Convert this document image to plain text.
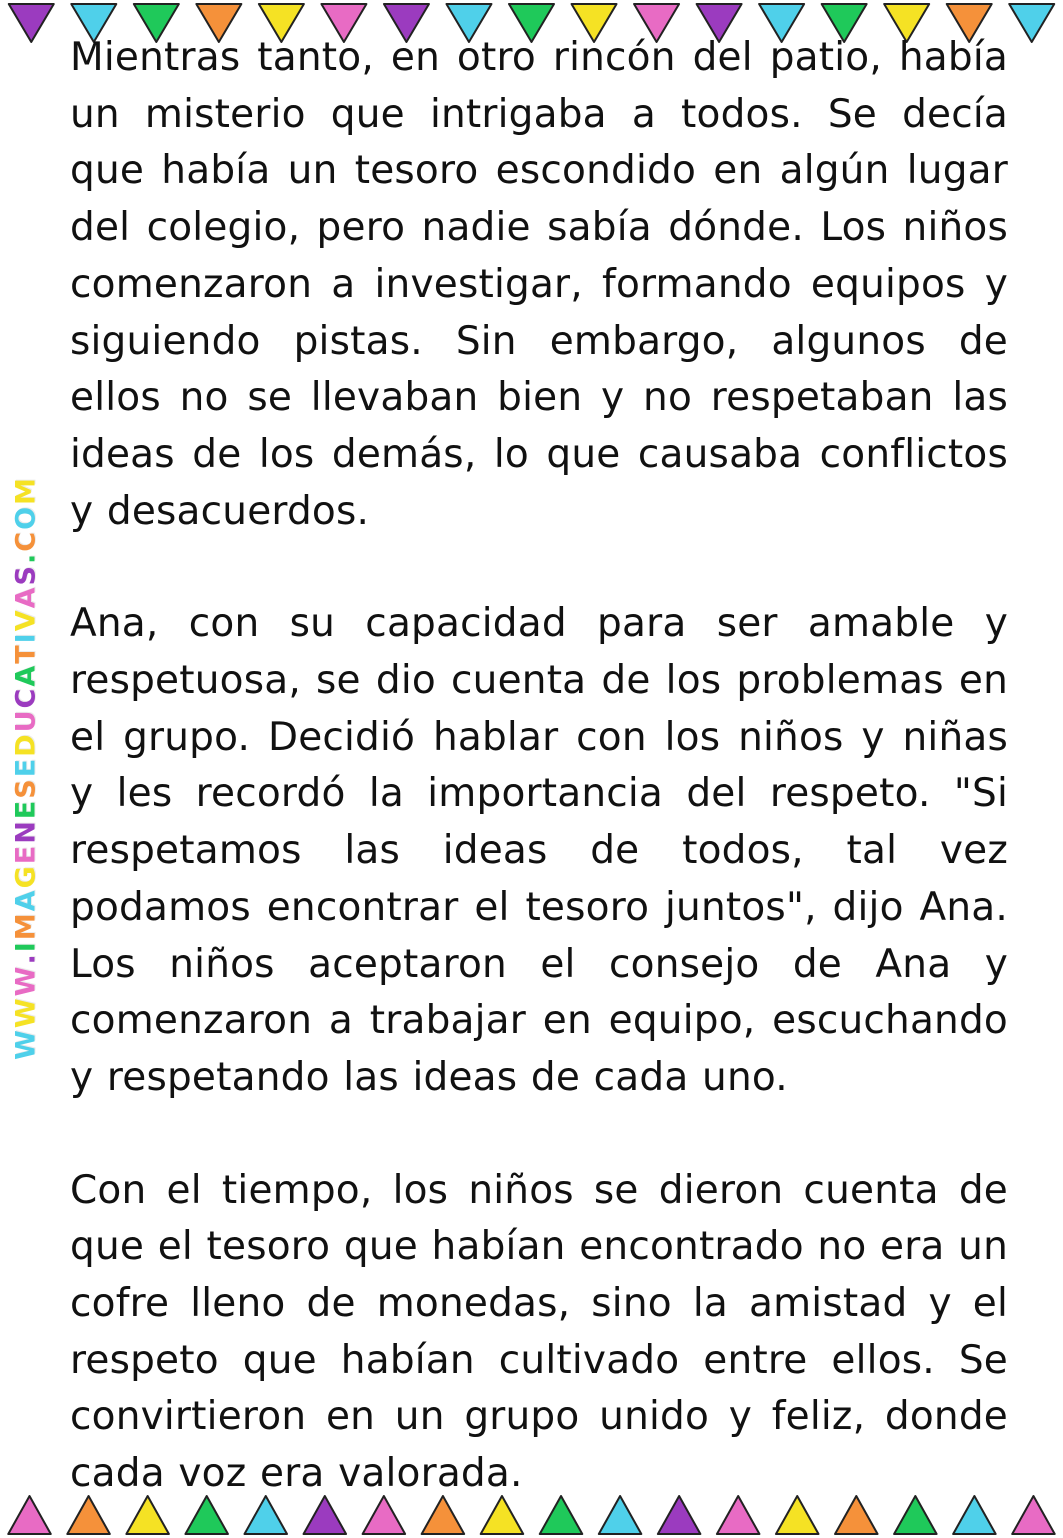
WWW.IMAGENESEDUCATIVAS.COM

Mientras tanto, en otro rincón del patio, había un misterio que intrigaba a todos. Se decía que había un tesoro escondido en algún lugar del colegio, pero nadie sabía dónde. Los niños comenzaron a investigar, formando equipos y siguiendo pistas. Sin embargo, algunos de ellos no se llevaban bien y no respetaban las ideas de los demás, lo que causaba conflictos y desacuerdos.

Ana, con su capacidad para ser amable y respetuosa, se dio cuenta de los problemas en el grupo. Decidió hablar con los niños y niñas y les recordó la importancia del respeto. "Si respetamos las ideas de todos, tal vez podamos encontrar el tesoro juntos", dijo Ana. Los niños aceptaron el consejo de Ana y comenzaron a trabajar en equipo, escuchando y respetando las ideas de cada uno.

Con el tiempo, los niños se dieron cuenta de que el tesoro que habían encontrado no era un cofre lleno de monedas, sino la amistad y el respeto que habían cultivado entre ellos. Se convirtieron en un grupo unido y feliz, donde cada voz era valorada.
